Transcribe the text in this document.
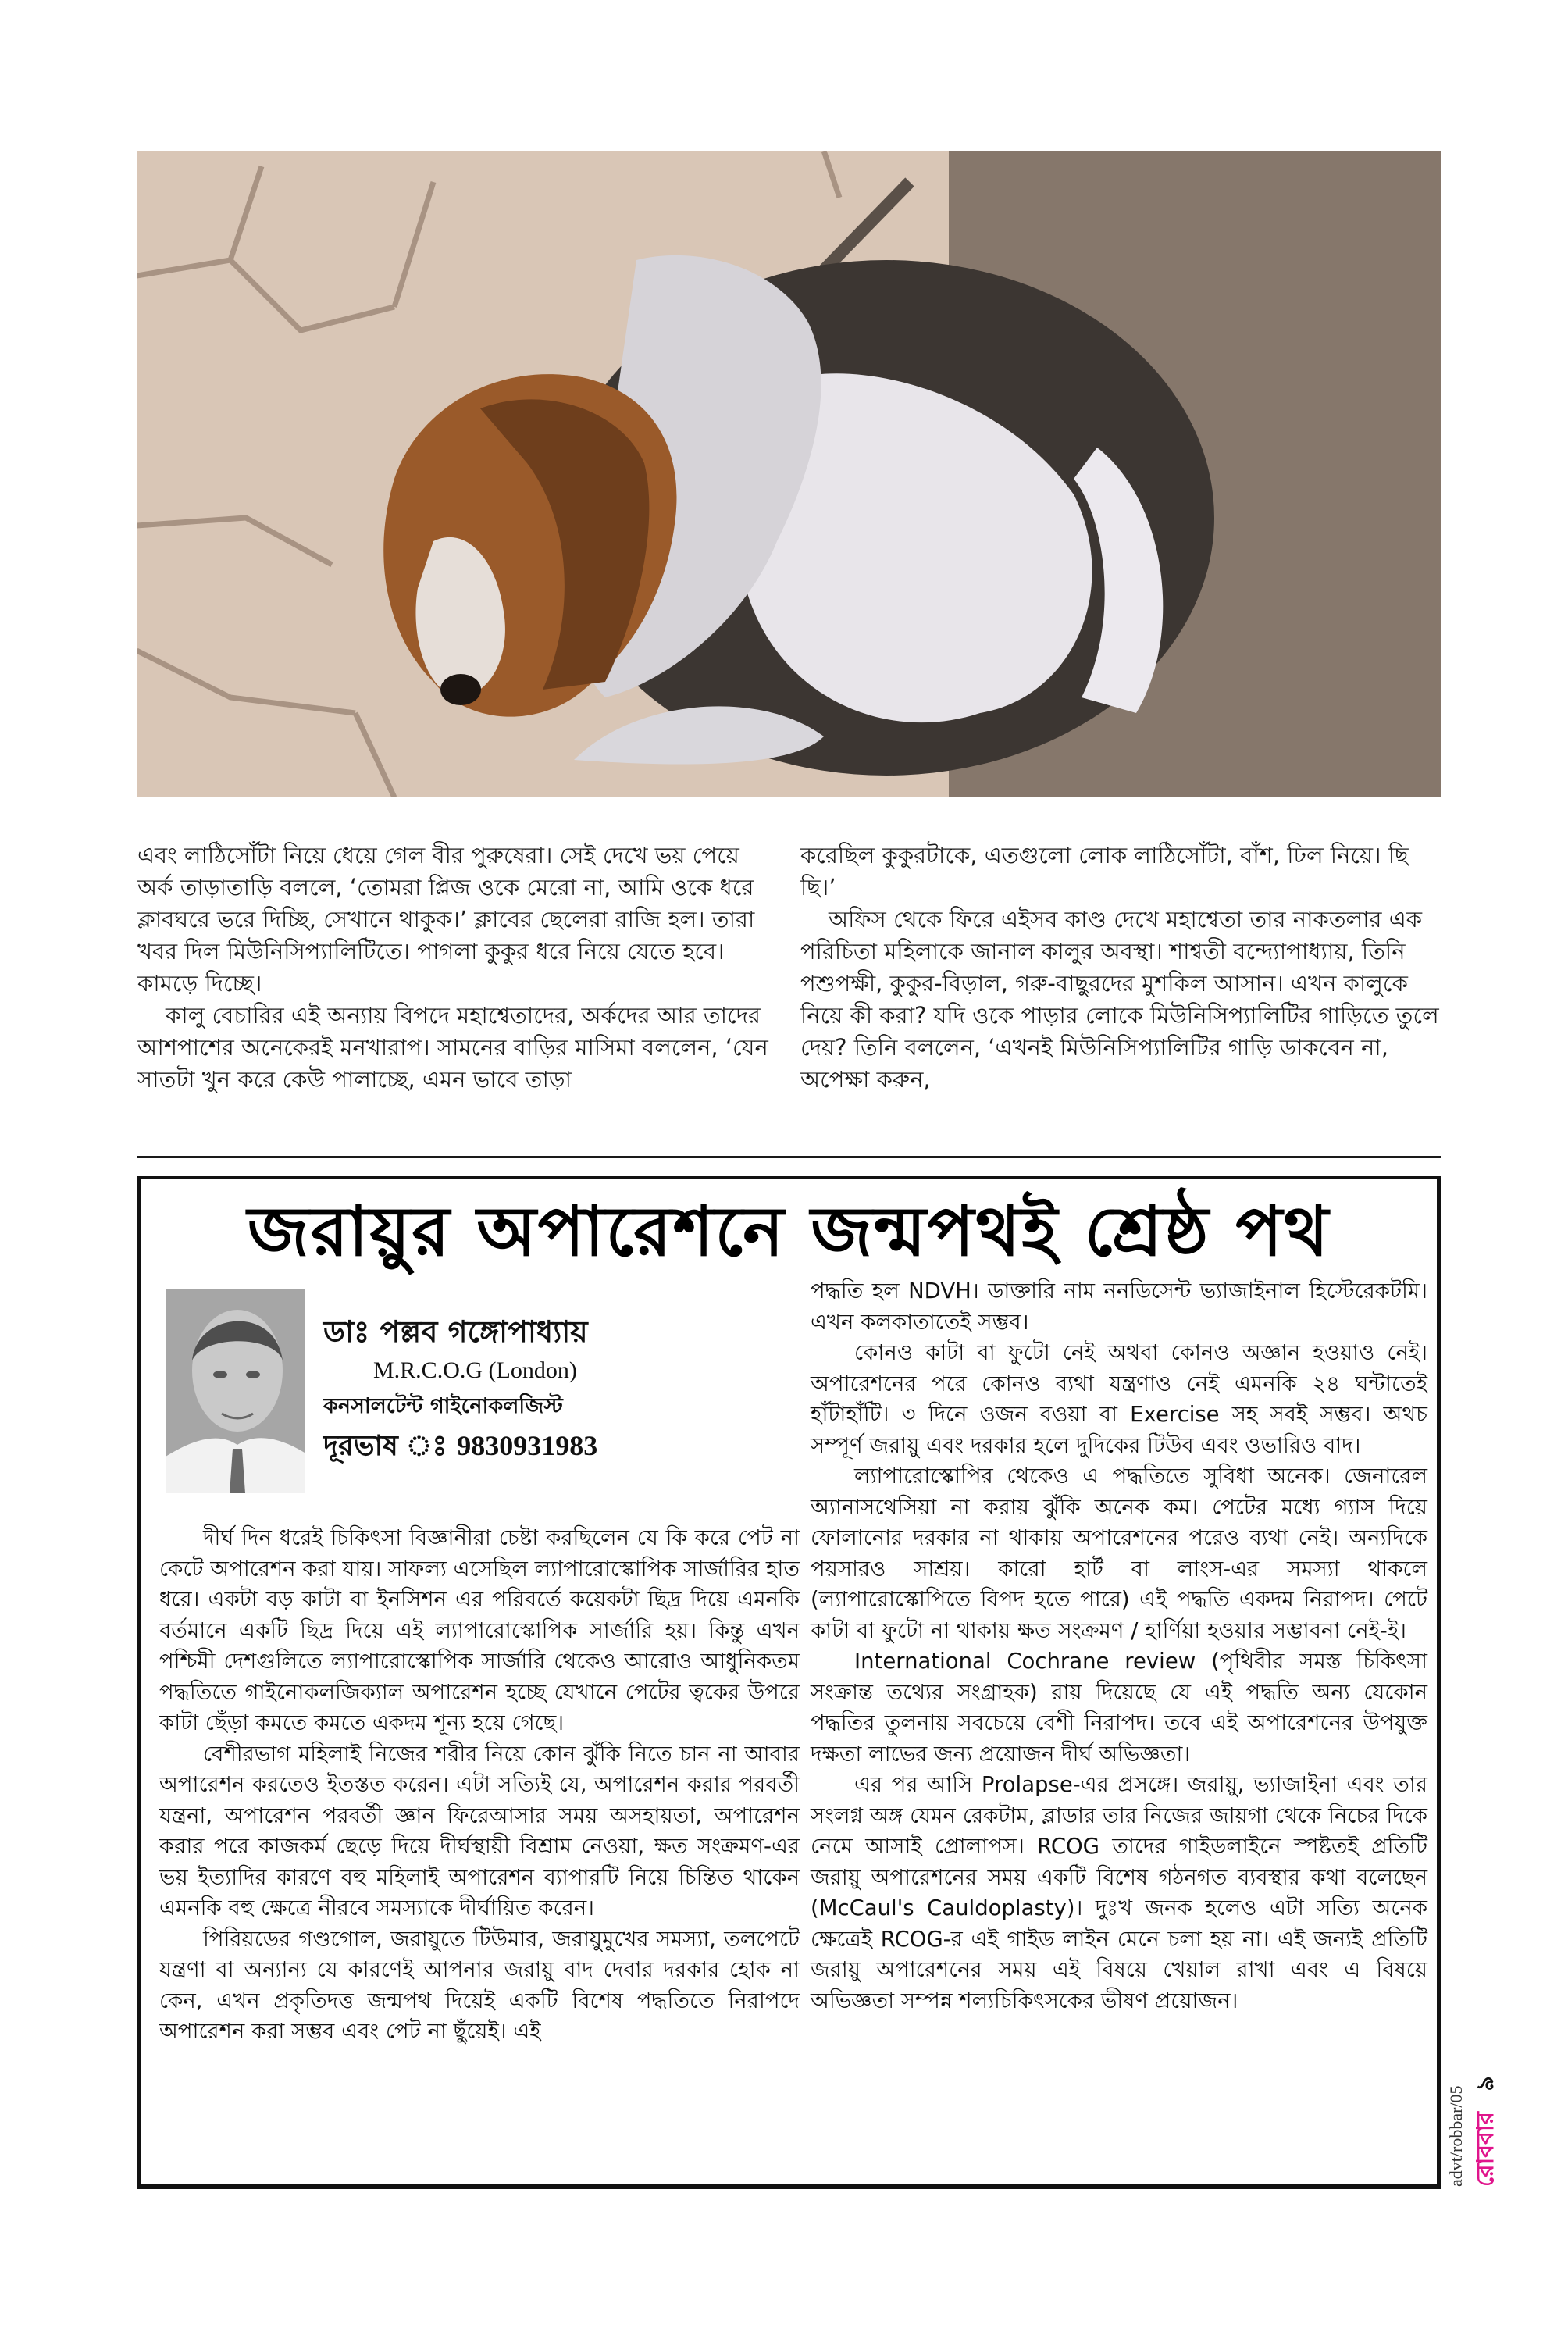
এবং লাঠিসোঁটা নিয়ে ধেয়ে গেল বীর পুরুষেরা। সেই দেখে ভয় পেয়ে অর্ক তাড়াতাড়ি বললে, ‘তোমরা প্লিজ ওকে মেরো না, আমি ওকে ধরে ক্লাবঘরে ভরে দিচ্ছি, সেখানে থাকুক।’ ক্লাবের ছেলেরা রাজি হল। তারা খবর দিল মিউনিসিপ্যালিটিতে। পাগলা কুকুর ধরে নিয়ে যেতে হবে। কামড়ে দিচ্ছে।

কালু বেচারির এই অন্যায় বিপদে মহাশ্বেতাদের, অর্কদের আর তাদের আশপাশের অনেকেরই মনখারাপ। সামনের বাড়ির মাসিমা বললেন, ‘যেন সাতটা খুন করে কেউ পালাচ্ছে, এমন ভাবে তাড়া

করেছিল কুকুরটাকে, এতগুলো লোক লাঠিসোঁটা, বাঁশ, ঢিল নিয়ে। ছি ছি।’

অফিস থেকে ফিরে এইসব কাণ্ড দেখে মহাশ্বেতা তার নাকতলার এক পরিচিতা মহিলাকে জানাল কালুর অবস্থা। শাশ্বতী বন্দ্যোপাধ্যায়, তিনি পশুপক্ষী, কুকুর-বিড়াল, গরু-বাছুরদের মুশকিল আসান। এখন কালুকে নিয়ে কী করা? যদি ওকে পাড়ার লোকে মিউনিসিপ্যালিটির গাড়িতে তুলে দেয়? তিনি বললেন, ‘এখনই মিউনিসিপ্যালিটির গাড়ি ডাকবেন না, অপেক্ষা করুন,

জরায়ুর অপারেশনে জন্মপথই শ্রেষ্ঠ পথ
ডাঃ পল্লব গঙ্গোপাধ্যায়
M.R.C.O.G (London)
কনসালটেন্ট গাইনোকলজিস্ট
দূরভাষ ঃ 9830931983

দীর্ঘ দিন ধরেই চিকিৎসা বিজ্ঞানীরা চেষ্টা করছিলেন যে কি করে পেট না কেটে অপারেশন করা যায়। সাফল্য এসেছিল ল্যাপারোস্কোপিক সার্জারির হাত ধরে। একটা বড় কাটা বা ইনসিশন এর পরিবর্তে কয়েকটা ছিদ্র দিয়ে এমনকি বর্তমানে একটি ছিদ্র দিয়ে এই ল্যাপারোস্কোপিক সার্জারি হয়। কিন্তু এখন পশ্চিমী দেশগুলিতে ল্যাপারোস্কোপিক সার্জারি থেকেও আরোও আধুনিকতম পদ্ধতিতে গাইনোকলজিক্যাল অপারেশন হচ্ছে যেখানে পেটের ত্বকের উপরে কাটা ছেঁড়া কমতে কমতে একদম শূন্য হয়ে গেছে।

বেশীরভাগ মহিলাই নিজের শরীর নিয়ে কোন ঝুঁকি নিতে চান না আবার অপারেশন করতেও ইতস্তত করেন। এটা সত্যিই যে, অপারেশন করার পরবর্তী যন্ত্রনা, অপারেশন পরবর্তী জ্ঞান ফিরেআসার সময় অসহায়তা, অপারেশন করার পরে কাজকর্ম ছেড়ে দিয়ে দীর্ঘস্থায়ী বিশ্রাম নেওয়া, ক্ষত সংক্রমণ-এর ভয় ইত্যাদির কারণে বহু মহিলাই অপারেশন ব্যাপারটি নিয়ে চিন্তিত থাকেন এমনকি বহু ক্ষেত্রে নীরবে সমস্যাকে দীর্ঘায়িত করেন।

পিরিয়ডের গণ্ডগোল, জরায়ুতে টিউমার, জরায়ুমুখের সমস্যা, তলপেটে যন্ত্রণা বা অন্যান্য যে কারণেই আপনার জরায়ু বাদ দেবার দরকার হোক না কেন, এখন প্রকৃতিদত্ত জন্মপথ দিয়েই একটি বিশেষ পদ্ধতিতে নিরাপদে অপারেশন করা সম্ভব এবং পেট না ছুঁয়েই। এই

পদ্ধতি হল NDVH। ডাক্তারি নাম ননডিসেন্ট ভ্যাজাইনাল হিস্টেরেকটমি। এখন কলকাতাতেই সম্ভব।

কোনও কাটা বা ফুটো নেই অথবা কোনও অজ্ঞান হওয়াও নেই। অপারেশনের পরে কোনও ব্যথা যন্ত্রণাও নেই এমনকি ২৪ ঘন্টাতেই হাঁটাহাঁটি। ৩ দিনে ওজন বওয়া বা Exercise সহ সবই সম্ভব। অথচ সম্পূর্ণ জরায়ু এবং দরকার হলে দুদিকের টিউব এবং ওভারিও বাদ।

ল্যাপারোস্কোপির থেকেও এ পদ্ধতিতে সুবিধা অনেক। জেনারেল অ্যানাসথেসিয়া না করায় ঝুঁকি অনেক কম। পেটের মধ্যে গ্যাস দিয়ে ফোলানোর দরকার না থাকায় অপারেশনের পরেও ব্যথা নেই। অন্যদিকে পয়সারও সাশ্রয়। কারো হার্ট বা লাংস-এর সমস্যা থাকলে (ল্যাপারোস্কোপিতে বিপদ হতে পারে) এই পদ্ধতি একদম নিরাপদ। পেটে কাটা বা ফুটো না থাকায় ক্ষত সংক্রমণ / হার্ণিয়া হওয়ার সম্ভাবনা নেই-ই।

International Cochrane review (পৃথিবীর সমস্ত চিকিৎসা সংক্রান্ত তথ্যের সংগ্রাহক) রায় দিয়েছে যে এই পদ্ধতি অন্য যেকোন পদ্ধতির তুলনায় সবচেয়ে বেশী নিরাপদ। তবে এই অপারেশনের উপযুক্ত দক্ষতা লাভের জন্য প্রয়োজন দীর্ঘ অভিজ্ঞতা।

এর পর আসি Prolapse-এর প্রসঙ্গে। জরায়ু, ভ্যাজাইনা এবং তার সংলগ্ন অঙ্গ যেমন রেকটাম, ব্লাডার তার নিজের জায়গা থেকে নিচের দিকে নেমে আসাই প্রোলাপস। RCOG তাদের গাইডলাইনে স্পষ্টতই প্রতিটি জরায়ু অপারেশনের সময় একটি বিশেষ গঠনগত ব্যবস্থার কথা বলেছেন (McCaul's Cauldoplasty)। দুঃখ জনক হলেও এটা সত্যি অনেক ক্ষেত্রেই RCOG-র এই গাইড লাইন মেনে চলা হয় না। এই জন্যই প্রতিটি জরায়ু অপারেশনের সময় এই বিষয়ে খেয়াল রাখা এবং এ বিষয়ে অভিজ্ঞতা সম্পন্ন শল্যচিকিৎসকের ভীষণ প্রয়োজন।

advt/robbar/05 রোববার ৯
